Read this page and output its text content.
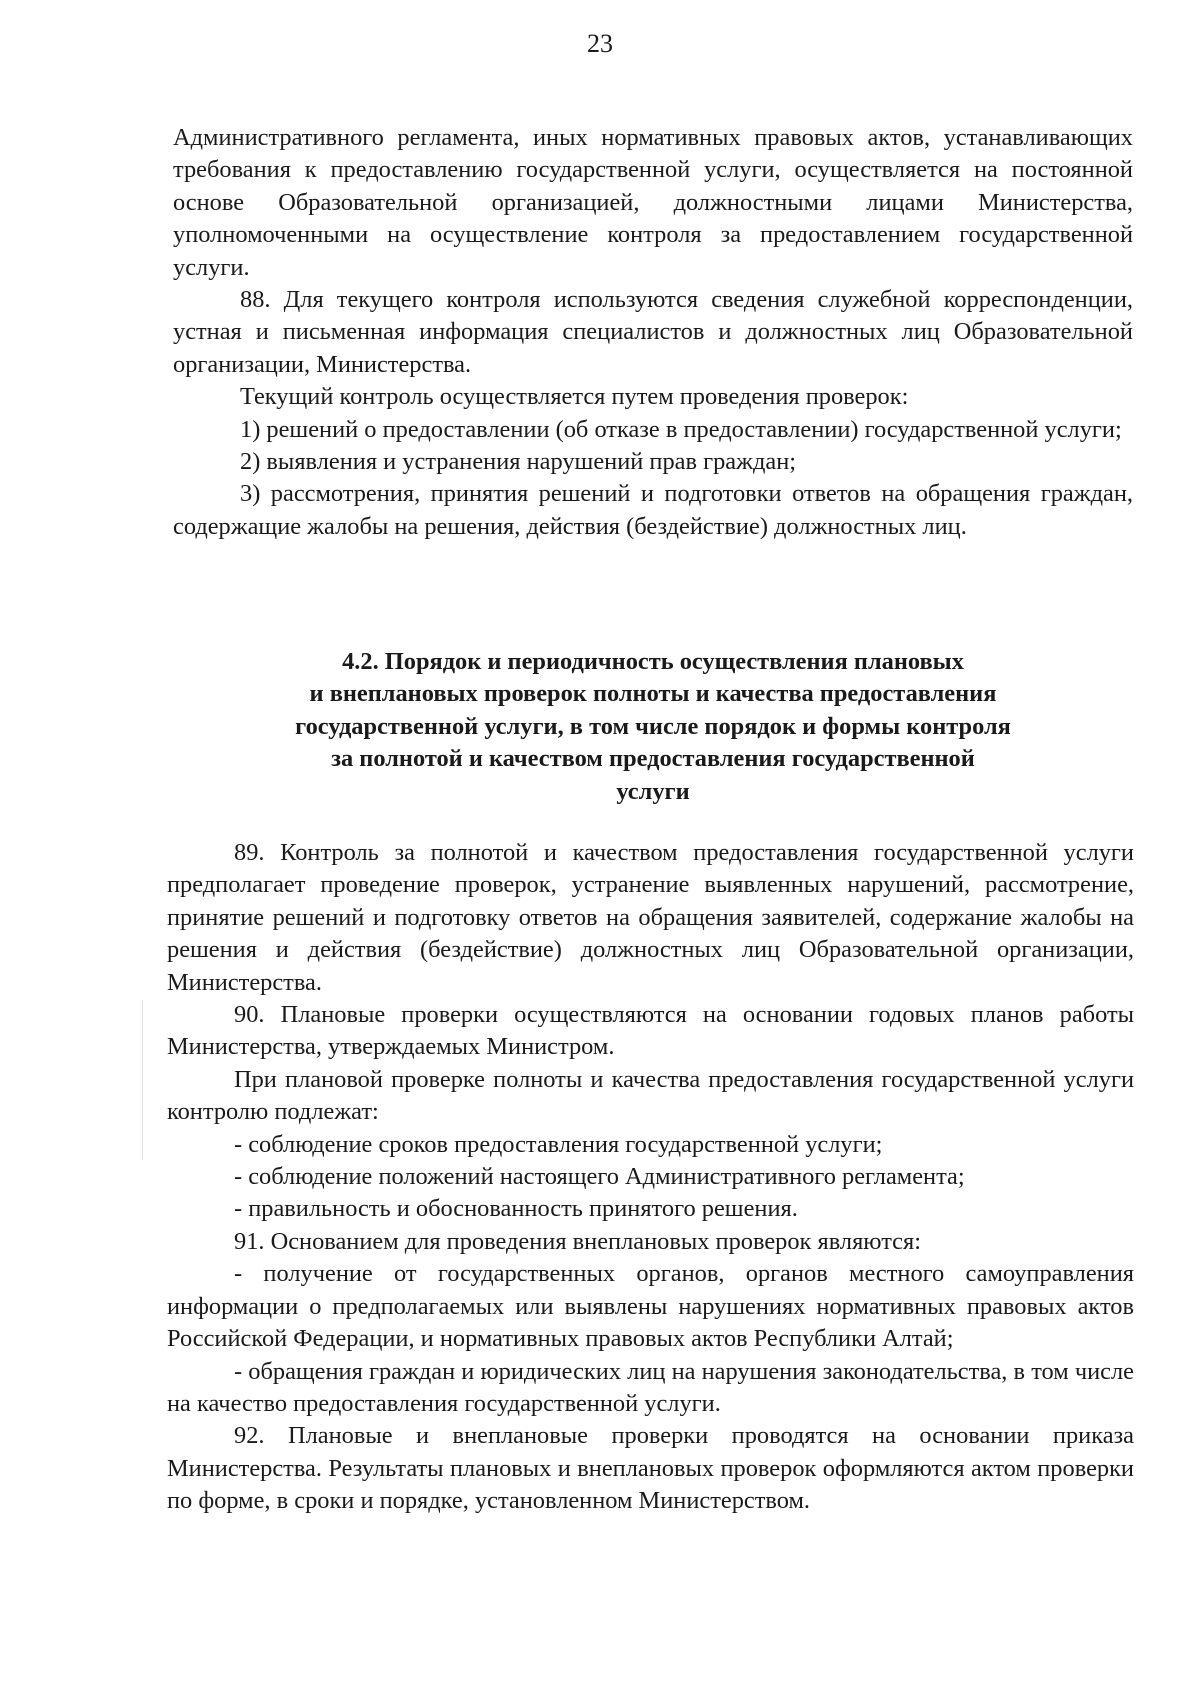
23

Административного регламента, иных нормативных правовых актов, устанавливающих требования к предоставлению государственной услуги, осуществляется на постоянной основе Образовательной организацией, должностными лицами Министерства, уполномоченными на осуществление контроля за предоставлением государственной услуги.

88. Для текущего контроля используются сведения служебной корреспонденции, устная и письменная информация специалистов и должностных лиц Образовательной организации, Министерства.

Текущий контроль осуществляется путем проведения проверок:

1) решений о предоставлении (об отказе в предоставлении) государственной услуги;

2) выявления и устранения нарушений прав граждан;

3) рассмотрения, принятия решений и подготовки ответов на обращения граждан, содержащие жалобы на решения, действия (бездействие) должностных лиц.

4.2. Порядок и периодичность осуществления плановых
и внеплановых проверок полноты и качества предоставления
государственной услуги, в том числе порядок и формы контроля
за полнотой и качеством предоставления государственной
услуги

89. Контроль за полнотой и качеством предоставления государственной услуги предполагает проведение проверок, устранение выявленных нарушений, рассмотрение, принятие решений и подготовку ответов на обращения заявителей, содержание жалобы на решения и действия (бездействие) должностных лиц Образовательной организации, Министерства.

90. Плановые проверки осуществляются на основании годовых планов работы Министерства, утверждаемых Министром.

При плановой проверке полноты и качества предоставления государственной услуги контролю подлежат:

- соблюдение сроков предоставления государственной услуги;

- соблюдение положений настоящего Административного регламента;

- правильность и обоснованность принятого решения.

91. Основанием для проведения внеплановых проверок являются:

- получение от государственных органов, органов местного самоуправления информации о предполагаемых или выявлены нарушениях нормативных правовых актов Российской Федерации, и нормативных правовых актов Республики Алтай;

- обращения граждан и юридических лиц на нарушения законодательства, в том числе на качество предоставления государственной услуги.

92. Плановые и внеплановые проверки проводятся на основании приказа Министерства. Результаты плановых и внеплановых проверок оформляются актом проверки по форме, в сроки и порядке, установленном Министерством.
